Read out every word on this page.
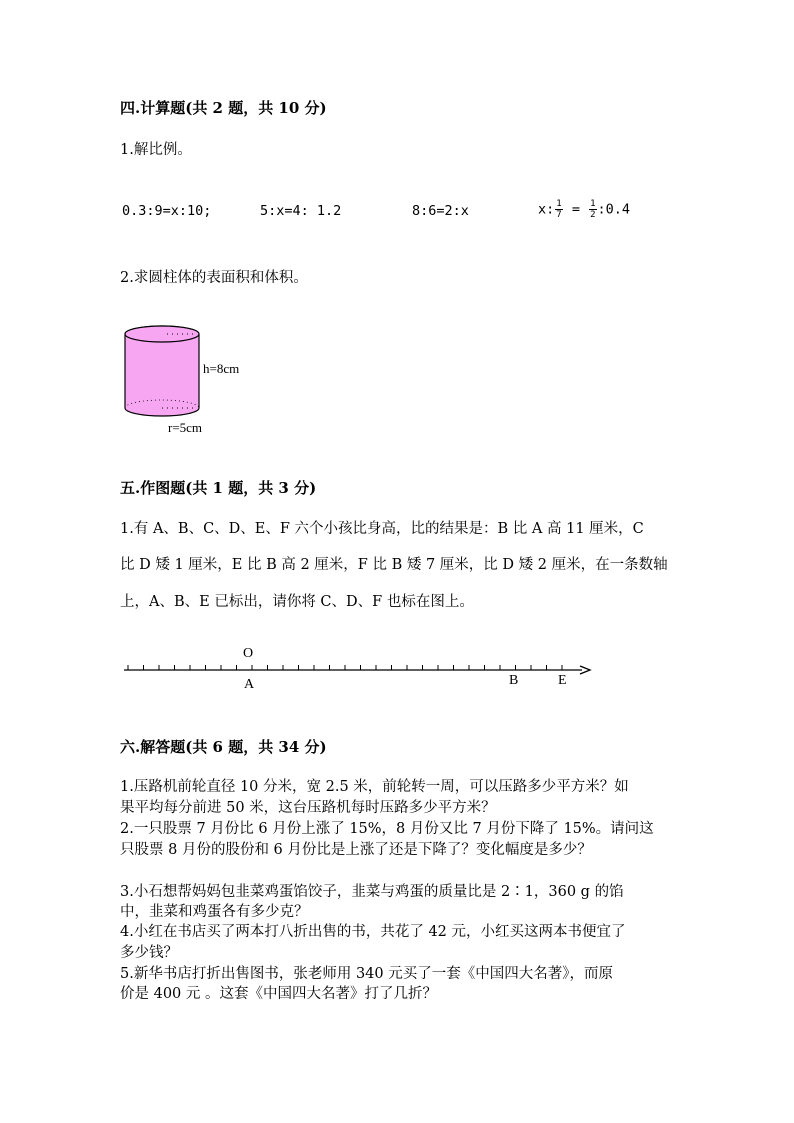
四.计算题(共 2 题，共 10 分)
1.解比例。
0.3:9=x:10;	5:x=4: 1.2	8:6=2:x	x: $\frac{1}{7} = \frac{1}{2}$ :0.4
2.求圆柱体的表面积和体积。
h=8cm
r=5cm
五.作图题(共 1 题，共 3 分)
1.有 A、B、C、D、E、F 六个小孩比身高，比的结果是：B 比 A 高 11 厘米，C
比 D 矮 1 厘米，E 比 B 高 2 厘米，F 比 B 矮 7 厘米，比 D 矮 2 厘米，在一条数轴
上，A、B、E 已标出，请你将 C、D、F 也标在图上。
O
A	B	E
六.解答题(共 6 题，共 34 分)
1.压路机前轮直径 10 分米，宽 2.5 米，前轮转一周，可以压路多少平方米？如
果平均每分前进 50 米，这台压路机每时压路多少平方米？
2.一只股票 7 月份比 6 月份上涨了 15%，8 月份又比 7 月份下降了 15%。请问这
只股票 8 月份的股份和 6 月份比是上涨了还是下降了？变化幅度是多少？
3.小石想帮妈妈包韭菜鸡蛋馅饺子，韭菜与鸡蛋的质量比是 2∶1，360 g 的馅
中，韭菜和鸡蛋各有多少克？
4.小红在书店买了两本打八折出售的书，共花了 42 元，小红买这两本书便宜了
多少钱？
5.新华书店打折出售图书，张老师用 340 元买了一套《中国四大名著》，而原
价是 400 元 。这套《中国四大名著》打了几折？
